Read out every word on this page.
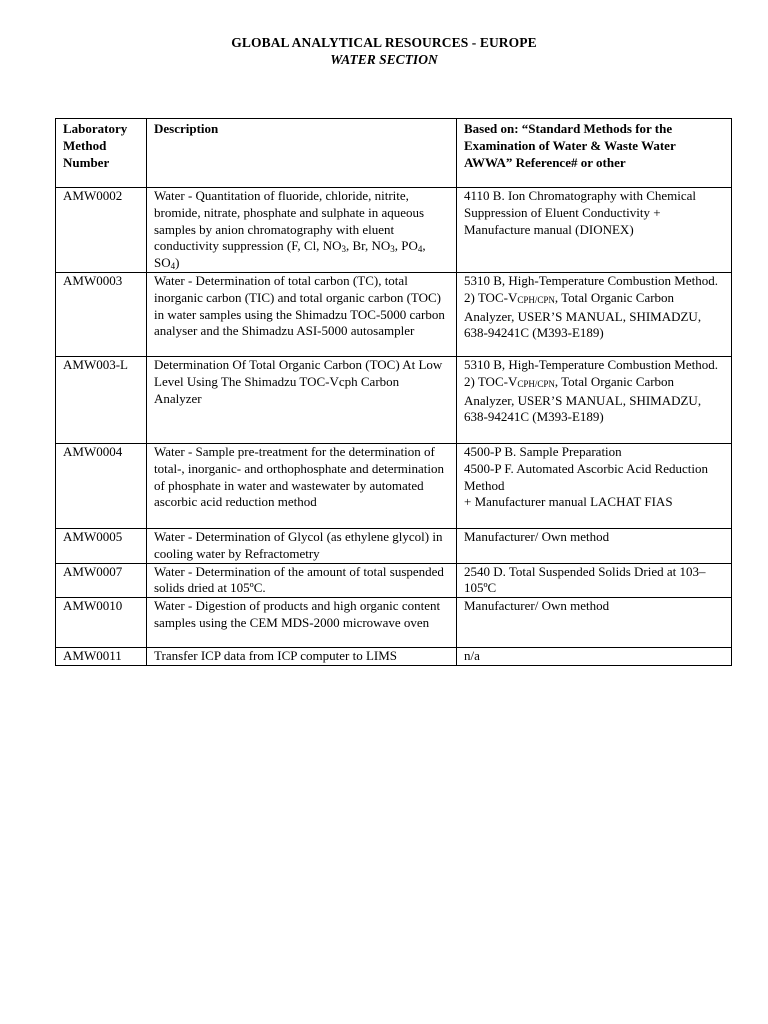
GLOBAL ANALYTICAL RESOURCES - EUROPE
WATER SECTION
Laboratory Method Number	Description	Based on: “Standard Methods for the Examination of Water & Waste Water AWWA” Reference# or other
AMW0002	Water - Quantitation of fluoride, chloride, nitrite, bromide, nitrate, phosphate and sulphate in aqueous samples by anion chromatography with eluent conductivity suppression (F, Cl, $NO_3$, Br, $NO_3$, $PO_4$, $SO_4$)	4110 B. Ion Chromatography with Chemical Suppression of Eluent Conductivity + Manufacture manual (DIONEX)
AMW0003	Water - Determination of total carbon (TC), total inorganic carbon (TIC) and total organic carbon (TOC) in water samples using the Shimadzu TOC-5000 carbon analyser and the Shimadzu ASI-5000 autosampler	5310 B, High-Temperature Combustion Method.
2) TOC-VCPH/CPN, Total Organic Carbon Analyzer, USER’S MANUAL, SHIMADZU, 638-94241C (M393-E189)

AMW003-L	Determination Of Total Organic Carbon (TOC) At Low Level Using The Shimadzu TOC-Vcph Carbon Analyzer	5310 B, High-Temperature Combustion Method.
2) TOC-VCPH/CPN, Total Organic Carbon Analyzer, USER’S MANUAL, SHIMADZU, 638-94241C (M393-E189)

AMW0004	Water - Sample pre-treatment for the determination of total-, inorganic- and orthophosphate and determination of phosphate in water and wastewater by automated ascorbic acid reduction method	4500-P B. Sample Preparation
4500-P F. Automated Ascorbic Acid Reduction Method
+ Manufacturer manual LACHAT FIAS

AMW0005	Water - Determination of Glycol (as ethylene glycol) in cooling water by Refractometry	Manufacturer/ Own method
AMW0007	Water - Determination of the amount of total suspended solids dried at 105ºC.	2540 D. Total Suspended Solids Dried at 103–105ºC
AMW0010	Water - Digestion of products and high organic content samples using the CEM MDS-2000 microwave oven	Manufacturer/ Own method
AMW0011	Transfer ICP data from ICP computer to LIMS	n/a
